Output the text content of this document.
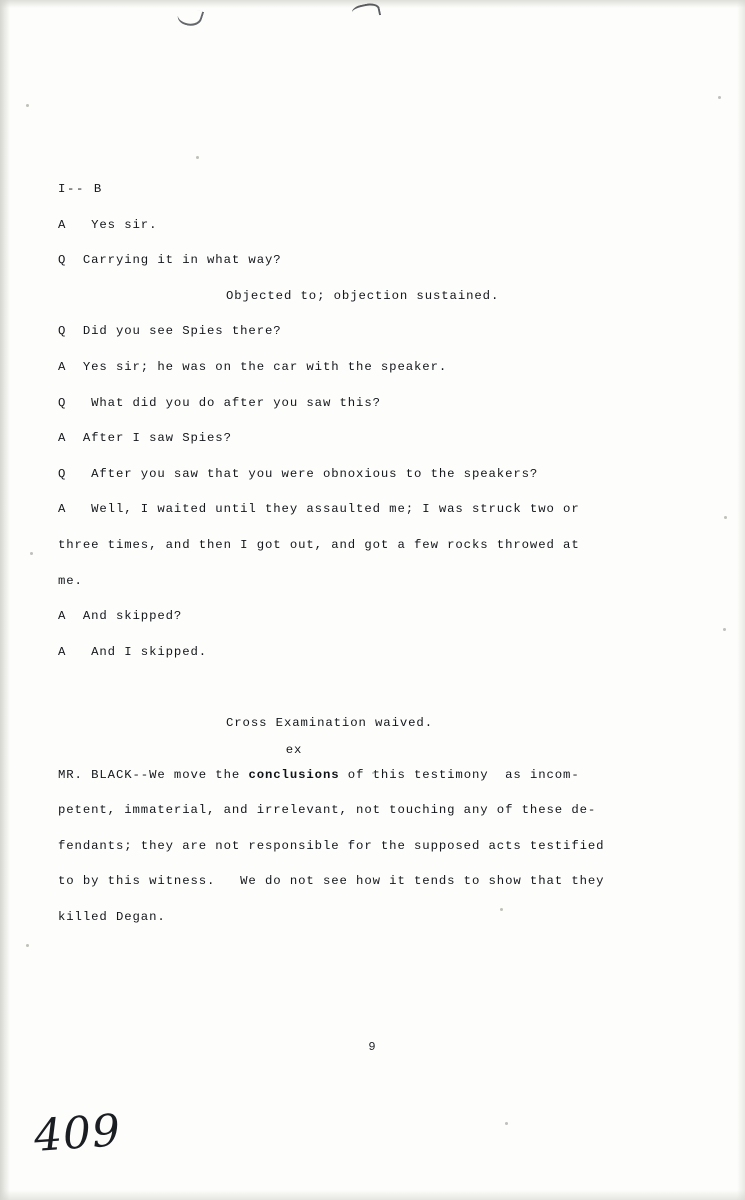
I-- B
A   Yes sir.
Q  Carrying it in what way?
Objected to; objection sustained.
Q  Did you see Spies there?
A  Yes sir; he was on the car with the speaker.
Q   What did you do after you saw this?
A  After I saw Spies?
Q   After you saw that you were obnoxious to the speakers?
A   Well, I waited until they assaulted me; I was struck two or
three times, and then I got out, and got a few rocks throwed at
me.
A  And skipped?
A   And I skipped.
Cross Examination waived.
MR. BLACK--We move the
ex
conclusions of this testimony  as incom-
petent, immaterial, and irrelevant, not touching any of these de-
fendants; they are not responsible for the supposed acts testified
to by this witness.   We do not see how it tends to show that they
killed Degan.
9
409
